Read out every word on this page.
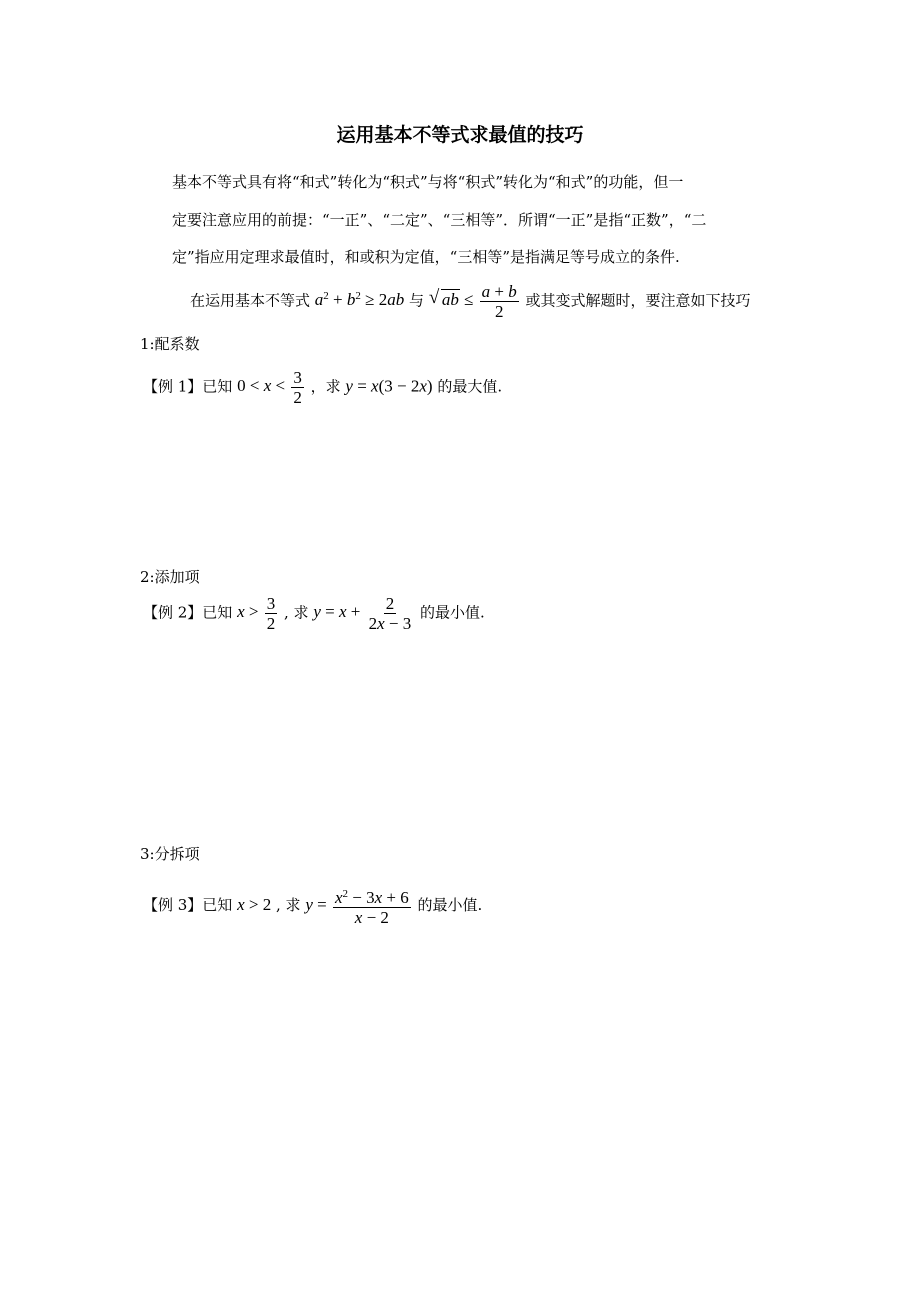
运用基本不等式求最值的技巧
基本不等式具有将“和式”转化为“积式”与将“积式”转化为“和式”的功能，但一
定要注意应用的前提：“一正”、“二定”、“三相等”．所谓“一正”是指“正数”，“二
定”指应用定理求最值时，和或积为定值，“三相等”是指满足等号成立的条件.
在运用基本不等式 $a^2 + b^2 \ge 2ab$ 与 √ ab ≤ $\frac{a + b}{2}$ 或其变式解题时，要注意如下技巧
1:配系数
【例 1】已知 $0 < x < \frac{3}{2}$ ，求 y = x(3 − 2x) 的最大值.
2:添加项
【例 2】已知 $x > \frac{3}{2}$ , 求 $y = x + \frac{2}{2x - 3}$ 的最小值.
3:分拆项
【例 3】已知 x > 2 , 求 $y = \frac{x^2 - 3x + 6}{x - 2}$ 的最小值.
